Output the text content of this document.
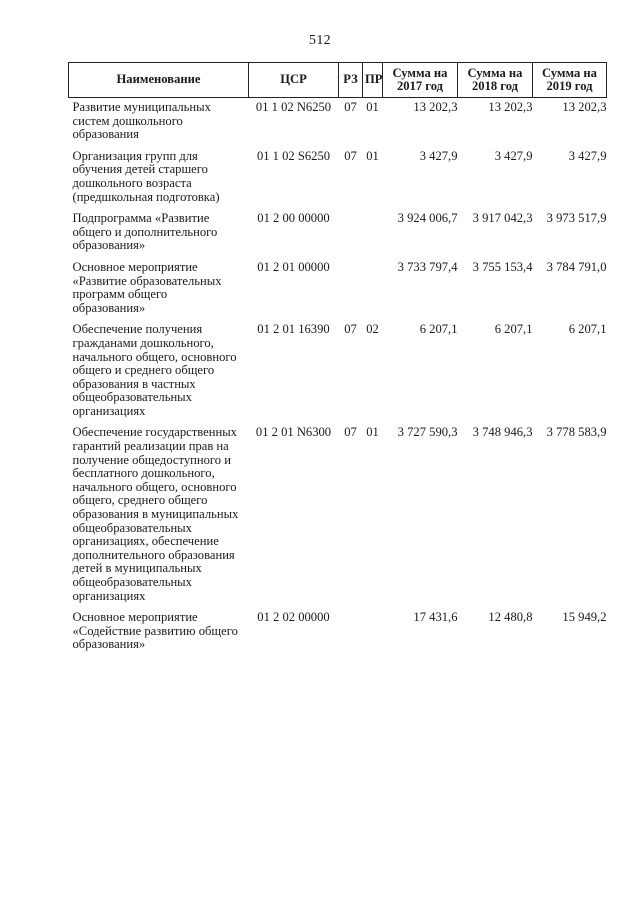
512
Наименование	ЦСР	РЗ	ПР	Сумма на 2017 год	Сумма на 2018 год	Сумма на 2019 год
Развитие муниципальных систем дошкольного образования	01 1 02 N6250	07	01	13 202,3	13 202,3	13 202,3
Организация групп для обучения детей старшего дошкольного возраста (предшкольная подготовка)	01 1 02 S6250	07	01	3 427,9	3 427,9	3 427,9
Подпрограмма «Развитие общего и дополнительного образования»	01 2 00 00000			3 924 006,7	3 917 042,3	3 973 517,9
Основное мероприятие «Развитие образовательных программ общего образования»	01 2 01 00000			3 733 797,4	3 755 153,4	3 784 791,0
Обеспечение получения гражданами дошкольного, начального общего, основного общего и среднего общего образования в частных общеобразовательных организациях	01 2 01 16390	07	02	6 207,1	6 207,1	6 207,1
Обеспечение государственных гарантий реализации прав на получение общедоступного и бесплатного дошкольного, начального общего, основного общего, среднего общего образования в муниципальных общеобразовательных организациях, обеспечение дополнительного образования детей в муниципальных общеобразовательных организациях	01 2 01 N6300	07	01	3 727 590,3	3 748 946,3	3 778 583,9
Основное мероприятие «Содействие развитию общего образования»	01 2 02 00000			17 431,6	12 480,8	15 949,2
